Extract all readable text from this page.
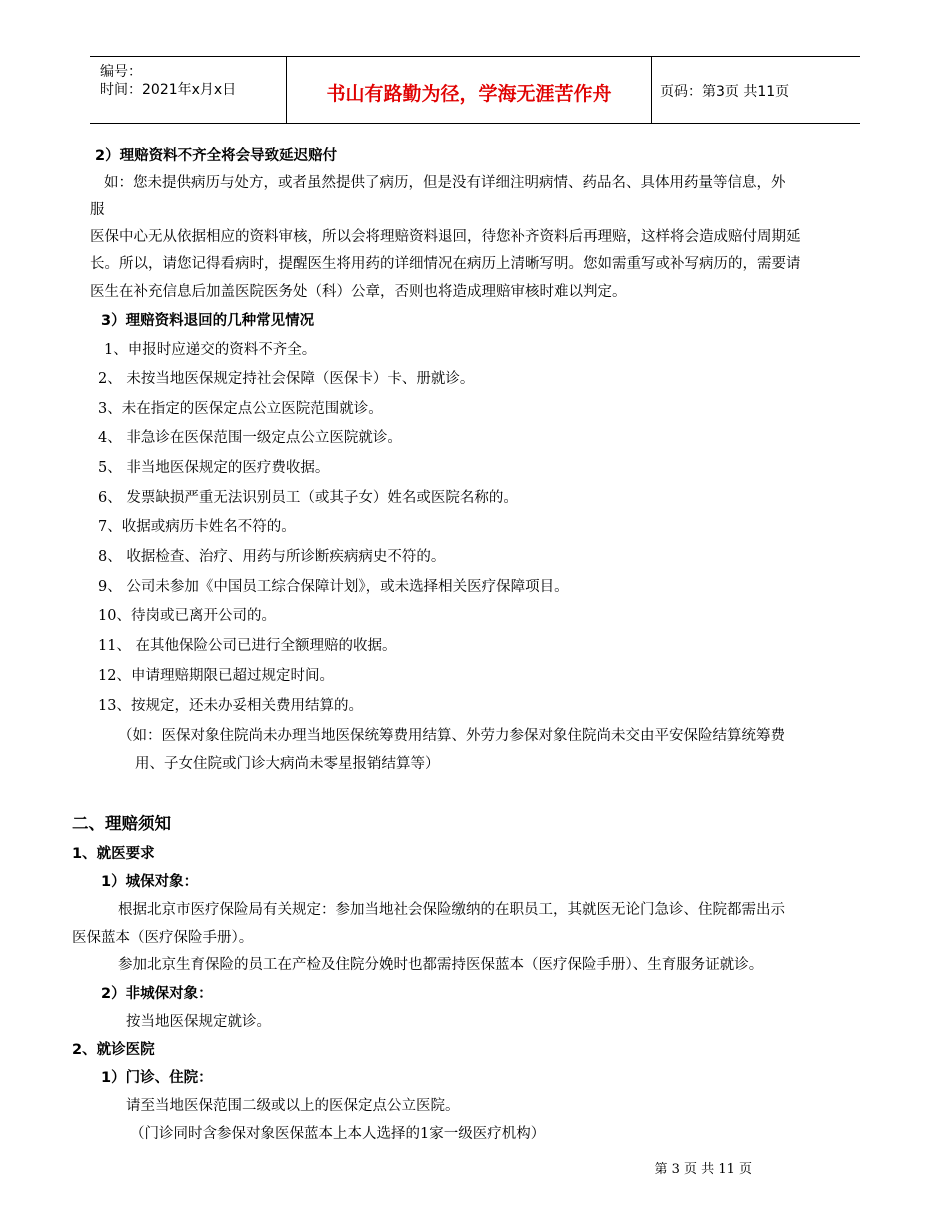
编号：
时间：2021年x月x日	书山有路勤为径，学海无涯苦作舟	页码：第3页 共11页
2）理赔资料不齐全将会导致延迟赔付
如：您未提供病历与处方，或者虽然提供了病历，但是没有详细注明病情、药品名、具体用药量等信息，外
服
医保中心无从依据相应的资料审核，所以会将理赔资料退回，待您补齐资料后再理赔，这样将会造成赔付周期延
长。所以，请您记得看病时，提醒医生将用药的详细情况在病历上清晰写明。您如需重写或补写病历的，需要请
医生在补充信息后加盖医院医务处（科）公章，否则也将造成理赔审核时难以判定。
3）理赔资料退回的几种常见情况
1、申报时应递交的资料不齐全。
2、 未按当地医保规定持社会保障（医保卡）卡、册就诊。
3、未在指定的医保定点公立医院范围就诊。
4、 非急诊在医保范围一级定点公立医院就诊。
5、 非当地医保规定的医疗费收据。
6、 发票缺损严重无法识别员工（或其子女）姓名或医院名称的。
7、收据或病历卡姓名不符的。
8、 收据检查、治疗、用药与所诊断疾病病史不符的。
9、 公司未参加《中国员工综合保障计划》，或未选择相关医疗保障项目。
10、待岗或已离开公司的。
11、 在其他保险公司已进行全额理赔的收据。
12、申请理赔期限已超过规定时间。
13、按规定，还未办妥相关费用结算的。
（如：医保对象住院尚未办理当地医保统筹费用结算、外劳力参保对象住院尚未交由平安保险结算统筹费
用、子女住院或门诊大病尚未零星报销结算等）
二、理赔须知
1、就医要求
1）城保对象：
根据北京市医疗保险局有关规定：参加当地社会保险缴纳的在职员工，其就医无论门急诊、住院都需出示
医保蓝本（医疗保险手册）。
参加北京生育保险的员工在产检及住院分娩时也都需持医保蓝本（医疗保险手册）、生育服务证就诊。
2）非城保对象：
按当地医保规定就诊。
2、就诊医院
1）门诊、住院：
请至当地医保范围二级或以上的医保定点公立医院。
（门诊同时含参保对象医保蓝本上本人选择的1家一级医疗机构）
第 3 页 共 11 页
